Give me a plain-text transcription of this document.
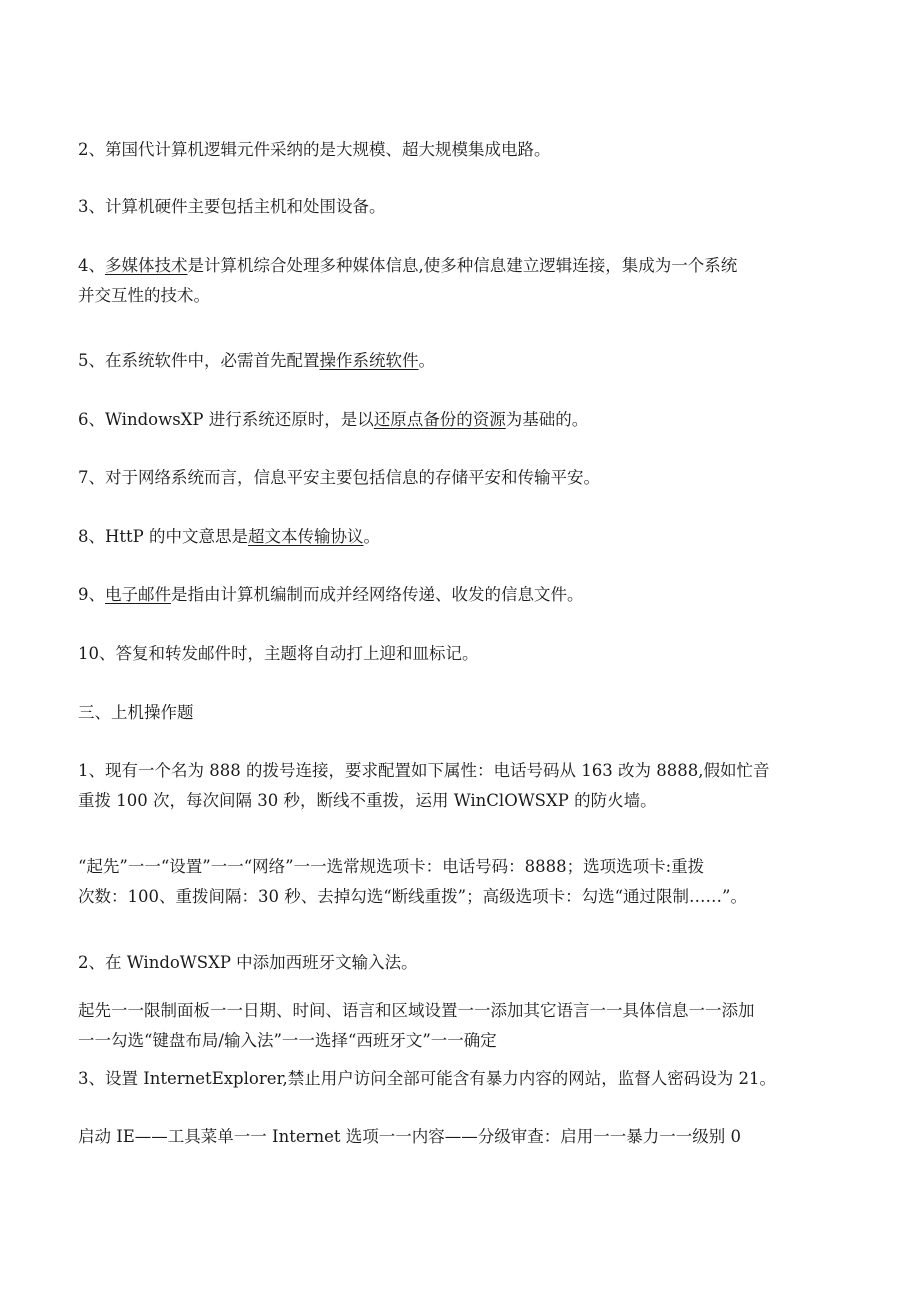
2、第国代计算机逻辑元件采纳的是大规模、超大规模集成电路。
3、计算机硬件主要包括主机和处围设备。
4、多媒体技术是计算机综合处理多种媒体信息,使多种信息建立逻辑连接，集成为一个系统
并交互性的技术。
5、在系统软件中，必需首先配置操作系统软件。
6、WindowsXP 进行系统还原时，是以还原点备份的资源为基础的。
7、对于网络系统而言，信息平安主要包括信息的存储平安和传输平安。
8、HttP 的中文意思是超文本传输协议。
9、电子邮件是指由计算机编制而成并经网络传递、收发的信息文件。
10、答复和转发邮件时，主题将自动打上迎和皿标记。
三、上机操作题
1、现有一个名为 888 的拨号连接，要求配置如下属性：电话号码从 163 改为 8888,假如忙音
重拨 100 次，每次间隔 30 秒，断线不重拨，运用 WinClOWSXP 的防火墙。
“起先”一一“设置”一一“网络”一一选常规选项卡：电话号码：8888；选项选项卡:重拨
次数：100、重拨间隔：30 秒、去掉勾选“断线重拨”；高级选项卡：勾选“通过限制……”。
2、在 WindoWSXP 中添加西班牙文输入法。
起先一一限制面板一一日期、时间、语言和区域设置一一添加其它语言一一具体信息一一添加
一一勾选“键盘布局/输入法”一一选择“西班牙文”一一确定
3、设置 InternetExplorer,禁止用户访问全部可能含有暴力内容的网站，监督人密码设为 21。
启动 IE——工具菜单一一 Internet 选项一一内容——分级审查：启用一一暴力一一级别 0
